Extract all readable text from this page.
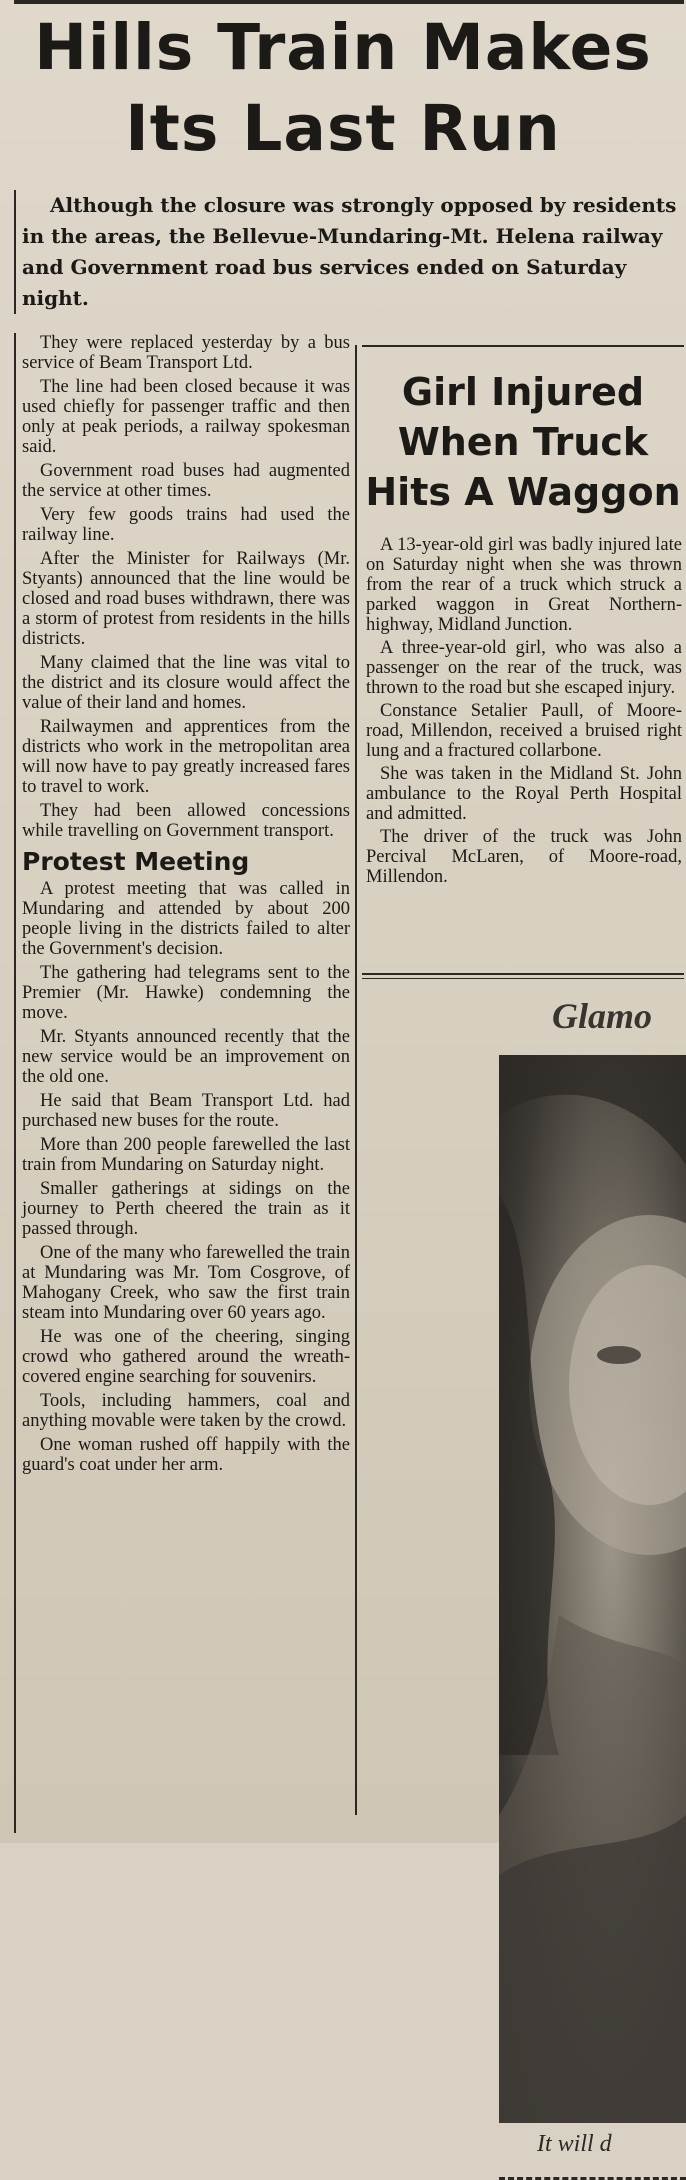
Hills Train Makes
Its Last Run
Although the closure was strongly opposed by residents in the areas, the Bellevue-Mundaring-Mt. Helena railway and Government road bus services ended on Saturday night.

They were replaced yesterday by a bus service of Beam Transport Ltd.

The line had been closed because it was used chiefly for passenger traffic and then only at peak periods, a railway spokesman said.

Government road buses had augmented the service at other times.

Very few goods trains had used the railway line.

After the Minister for Railways (Mr. Styants) announced that the line would be closed and road buses withdrawn, there was a storm of protest from residents in the hills districts.

Many claimed that the line was vital to the district and its closure would affect the value of their land and homes.

Railwaymen and apprentices from the districts who work in the metropolitan area will now have to pay greatly increased fares to travel to work.

They had been allowed concessions while travelling on Government transport.

Protest Meeting

A protest meeting that was called in Mundaring and attended by about 200 people living in the districts failed to alter the Government's decision.

The gathering had telegrams sent to the Premier (Mr. Hawke) condemning the move.

Mr. Styants announced recently that the new service would be an improvement on the old one.

He said that Beam Transport Ltd. had purchased new buses for the route.

More than 200 people farewelled the last train from Mundaring on Saturday night.

Smaller gatherings at sidings on the journey to Perth cheered the train as it passed through.

One of the many who farewelled the train at Mundaring was Mr. Tom Cosgrove, of Mahogany Creek, who saw the first train steam into Mundaring over 60 years ago.

He was one of the cheering, singing crowd who gathered around the wreath-covered engine searching for souvenirs.

Tools, including hammers, coal and anything movable were taken by the crowd.

One woman rushed off happily with the guard's coat under her arm.

Girl Injured
When Truck
Hits A Waggon

A 13-year-old girl was badly injured late on Saturday night when she was thrown from the rear of a truck which struck a parked waggon in Great Northern-highway, Midland Junction.

A three-year-old girl, who was also a passenger on the rear of the truck, was thrown to the road but she escaped injury.

Constance Setalier Paull, of Moore-road, Millendon, received a bruised right lung and a fractured collarbone.

She was taken in the Midland St. John ambulance to the Royal Perth Hospital and admitted.

The driver of the truck was John Percival McLaren, of Moore-road, Millendon.

Glamo
It will d
